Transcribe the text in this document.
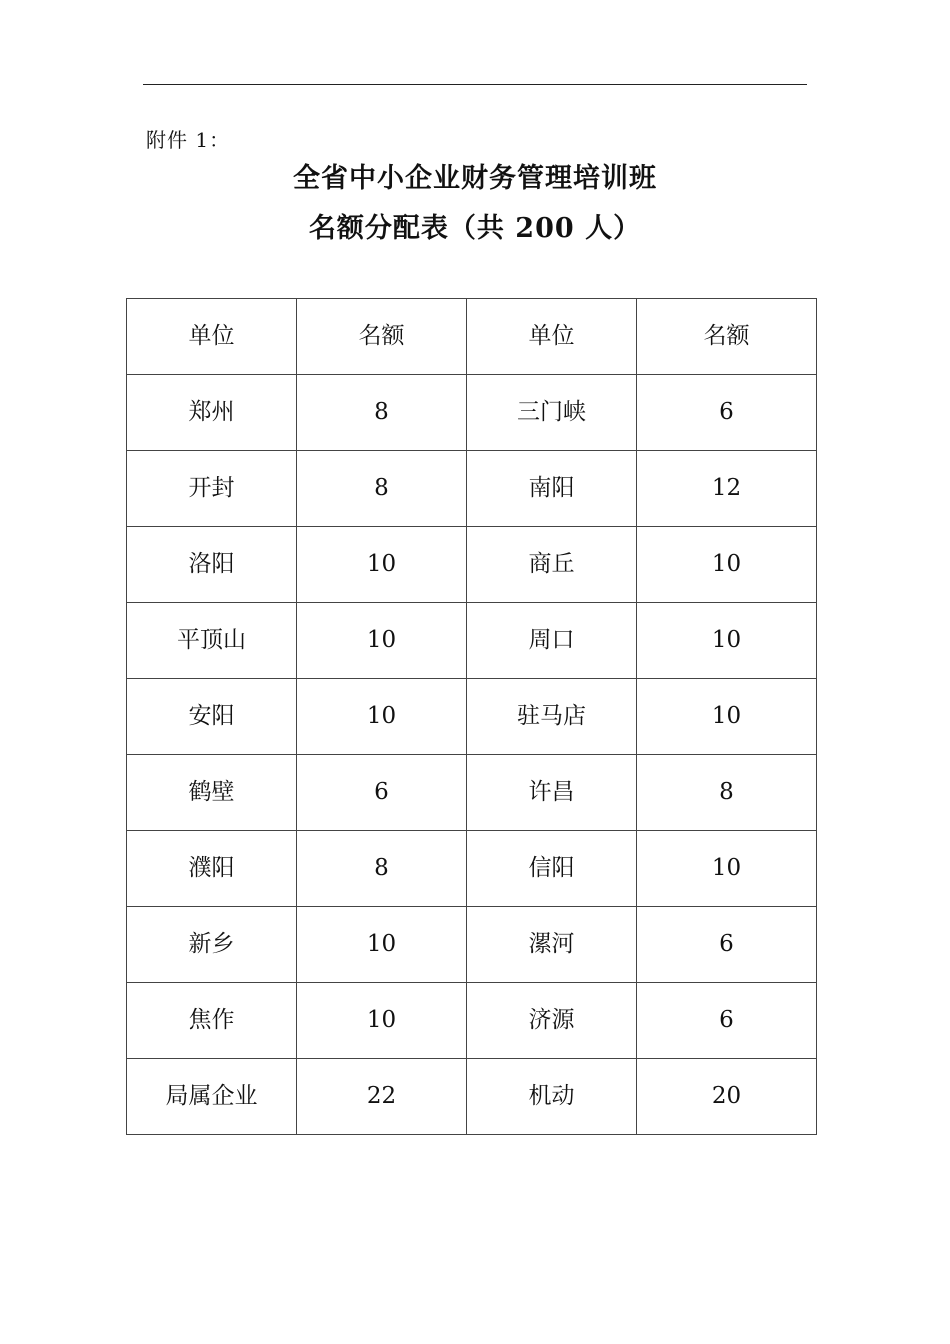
附件 1：
全省中小企业财务管理培训班
名额分配表（共 200 人）
单位	名额	单位	名额
郑州	8	三门峡	6
开封	8	南阳	12
洛阳	10	商丘	10
平顶山	10	周口	10
安阳	10	驻马店	10
鹤壁	6	许昌	8
濮阳	8	信阳	10
新乡	10	漯河	6
焦作	10	济源	6
局属企业	22	机动	20
